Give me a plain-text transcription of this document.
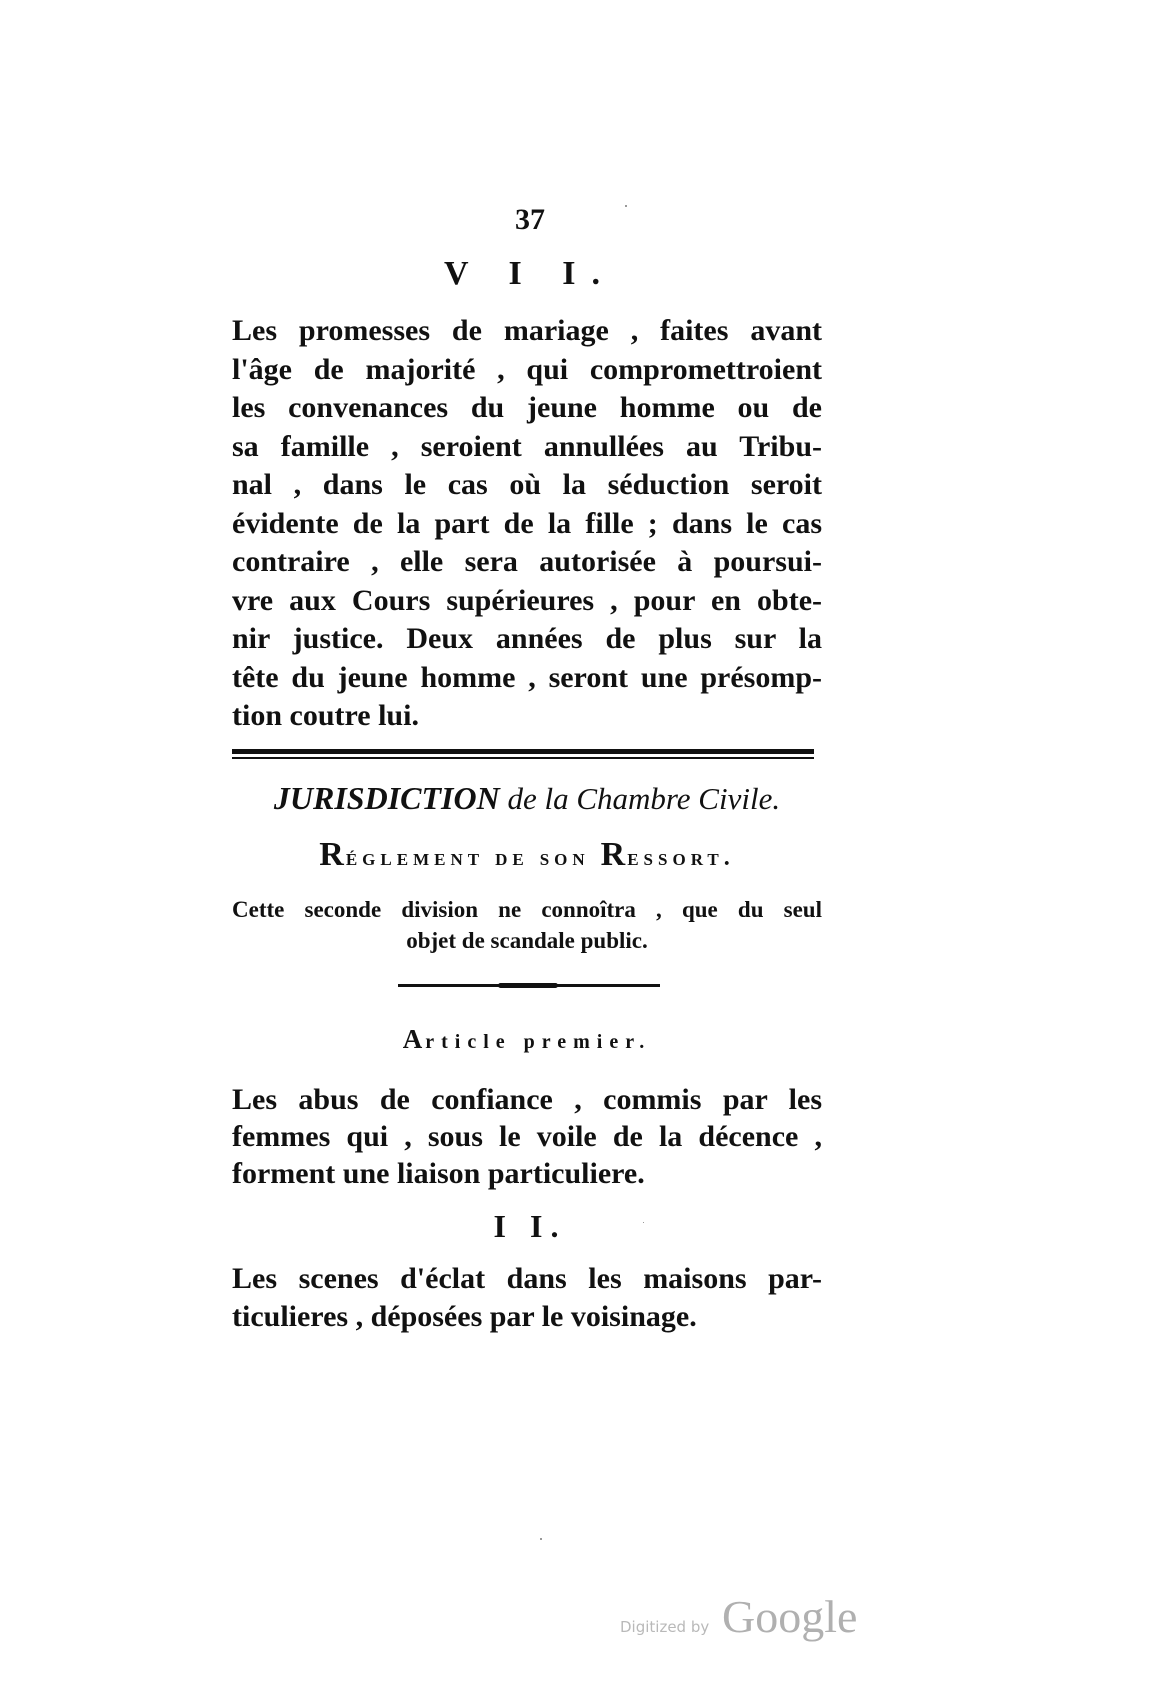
37
V I I.

Les promesses de mariage , faites avant
l'âge de majorité , qui compromettroient
les convenances du jeune homme ou de
sa famille , seroient annullées au Tribu-
nal , dans le cas où la séduction seroit
évidente de la part de la fille ; dans le cas
contraire , elle sera autorisée à poursui-
vre aux Cours supérieures , pour en obte-
nir justice. Deux années de plus sur la
tête du jeune homme , seront une présomp-
tion coutre lui.

JURISDICTION de la Chambre Civile.
Réglement de son Ressort.

Cette seconde division ne connoîtra , que du seul
objet de scandale public.

Article premier.

Les abus de confiance , commis par les
femmes qui , sous le voile de la décence ,
forment une liaison particuliere.

I I.

Les scenes d'éclat dans les maisons par-
ticulieres , déposées par le voisinage.

Digitized by Google
